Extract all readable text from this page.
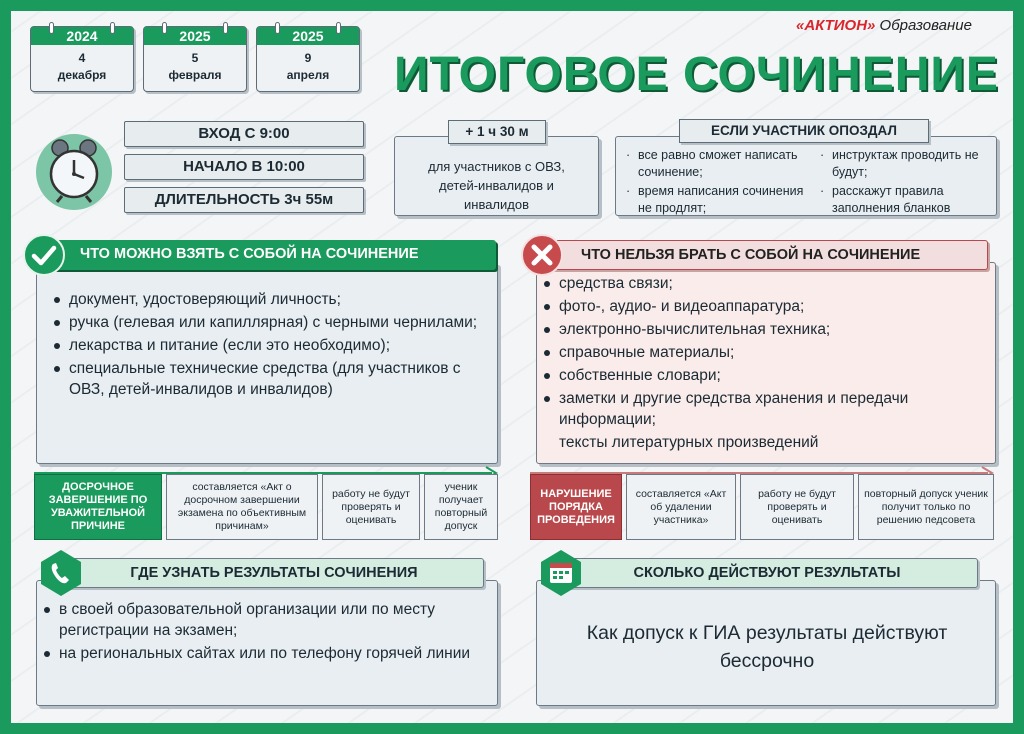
2024
4
декабря
2025
5
февраля
2025
9
апреля
«АКТИОН» Образование
ИТОГОВОЕ СОЧИНЕНИЕ
ВХОД С 9:00
НАЧАЛО В 10:00
ДЛИТЕЛЬНОСТЬ 3ч 55м
для участников с ОВЗ, детей-инвалидов и инвалидов
+ 1 ч 30 м
· все равно сможет написать сочинение;
· время написания сочинения не продлят;
· инструктаж проводить не будут;
· расскажут правила заполнения бланков
ЕСЛИ УЧАСТНИК ОПОЗДАЛ
документ, удостоверяющий личность;
ручка (гелевая или капиллярная) с черными чернилами;
лекарства и питание (если это необходимо);
специальные технические средства (для участников с ОВЗ, детей-инвалидов и инвалидов)
ЧТО МОЖНО ВЗЯТЬ С СОБОЙ НА СОЧИНЕНИЕ
средства связи;
фото-, аудио- и видеоаппаратура;
электронно-вычислительная техника;
справочные материалы;
собственные словари;
заметки и другие средства хранения и передачи информации;
тексты литературных произведений
ЧТО НЕЛЬЗЯ БРАТЬ С СОБОЙ НА СОЧИНЕНИЕ
ДОСРОЧНОЕ ЗАВЕРШЕНИЕ ПО УВАЖИТЕЛЬНОЙ ПРИЧИНЕ
составляется «Акт о досрочном завершении экзамена по объективным причинам»
работу не будут проверять и оценивать
ученик получает повторный допуск
НАРУШЕНИЕ ПОРЯДКА ПРОВЕДЕНИЯ
составляется «Акт об удалении участника»
работу не будут проверять и оценивать
повторный допуск ученик получит только по решению педсовета
в своей образовательной организации или по месту регистрации на экзамен;
на региональных сайтах или по телефону горячей линии
ГДЕ УЗНАТЬ РЕЗУЛЬТАТЫ СОЧИНЕНИЯ
Как допуск к ГИА результаты действуют бессрочно
СКОЛЬКО ДЕЙСТВУЮТ РЕЗУЛЬТАТЫ
